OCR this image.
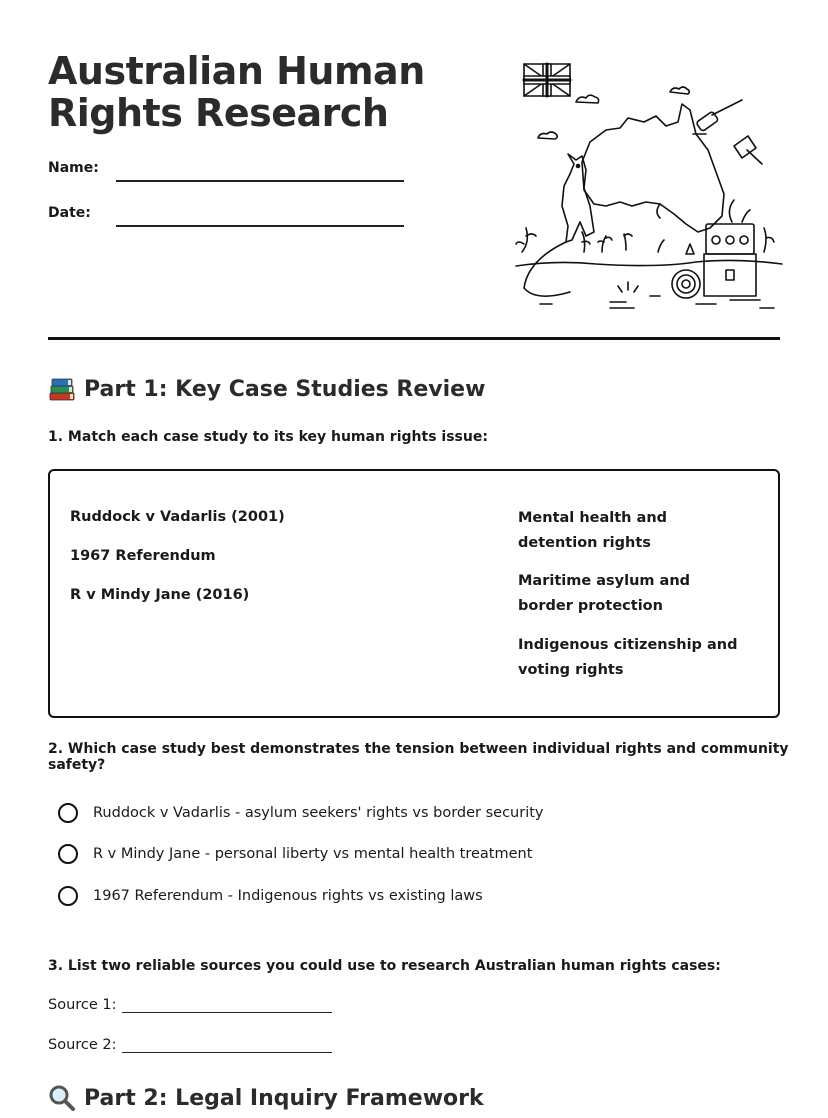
Australian Human
Rights Research
Name:
Date:
Part 1: Key Case Studies Review
1. Match each case study to its key human rights issue:
Ruddock v Vadarlis (2001)
1967 Referendum
R v Mindy Jane (2016)
Mental health and detention rights
Maritime asylum and border protection
Indigenous citizenship and voting rights
2. Which case study best demonstrates the tension between individual rights and community safety?
Ruddock v Vadarlis - asylum seekers' rights vs border security
R v Mindy Jane - personal liberty vs mental health treatment
1967 Referendum - Indigenous rights vs existing laws
3. List two reliable sources you could use to research Australian human rights cases:
Source 1:
Source 2:
Part 2: Legal Inquiry Framework
